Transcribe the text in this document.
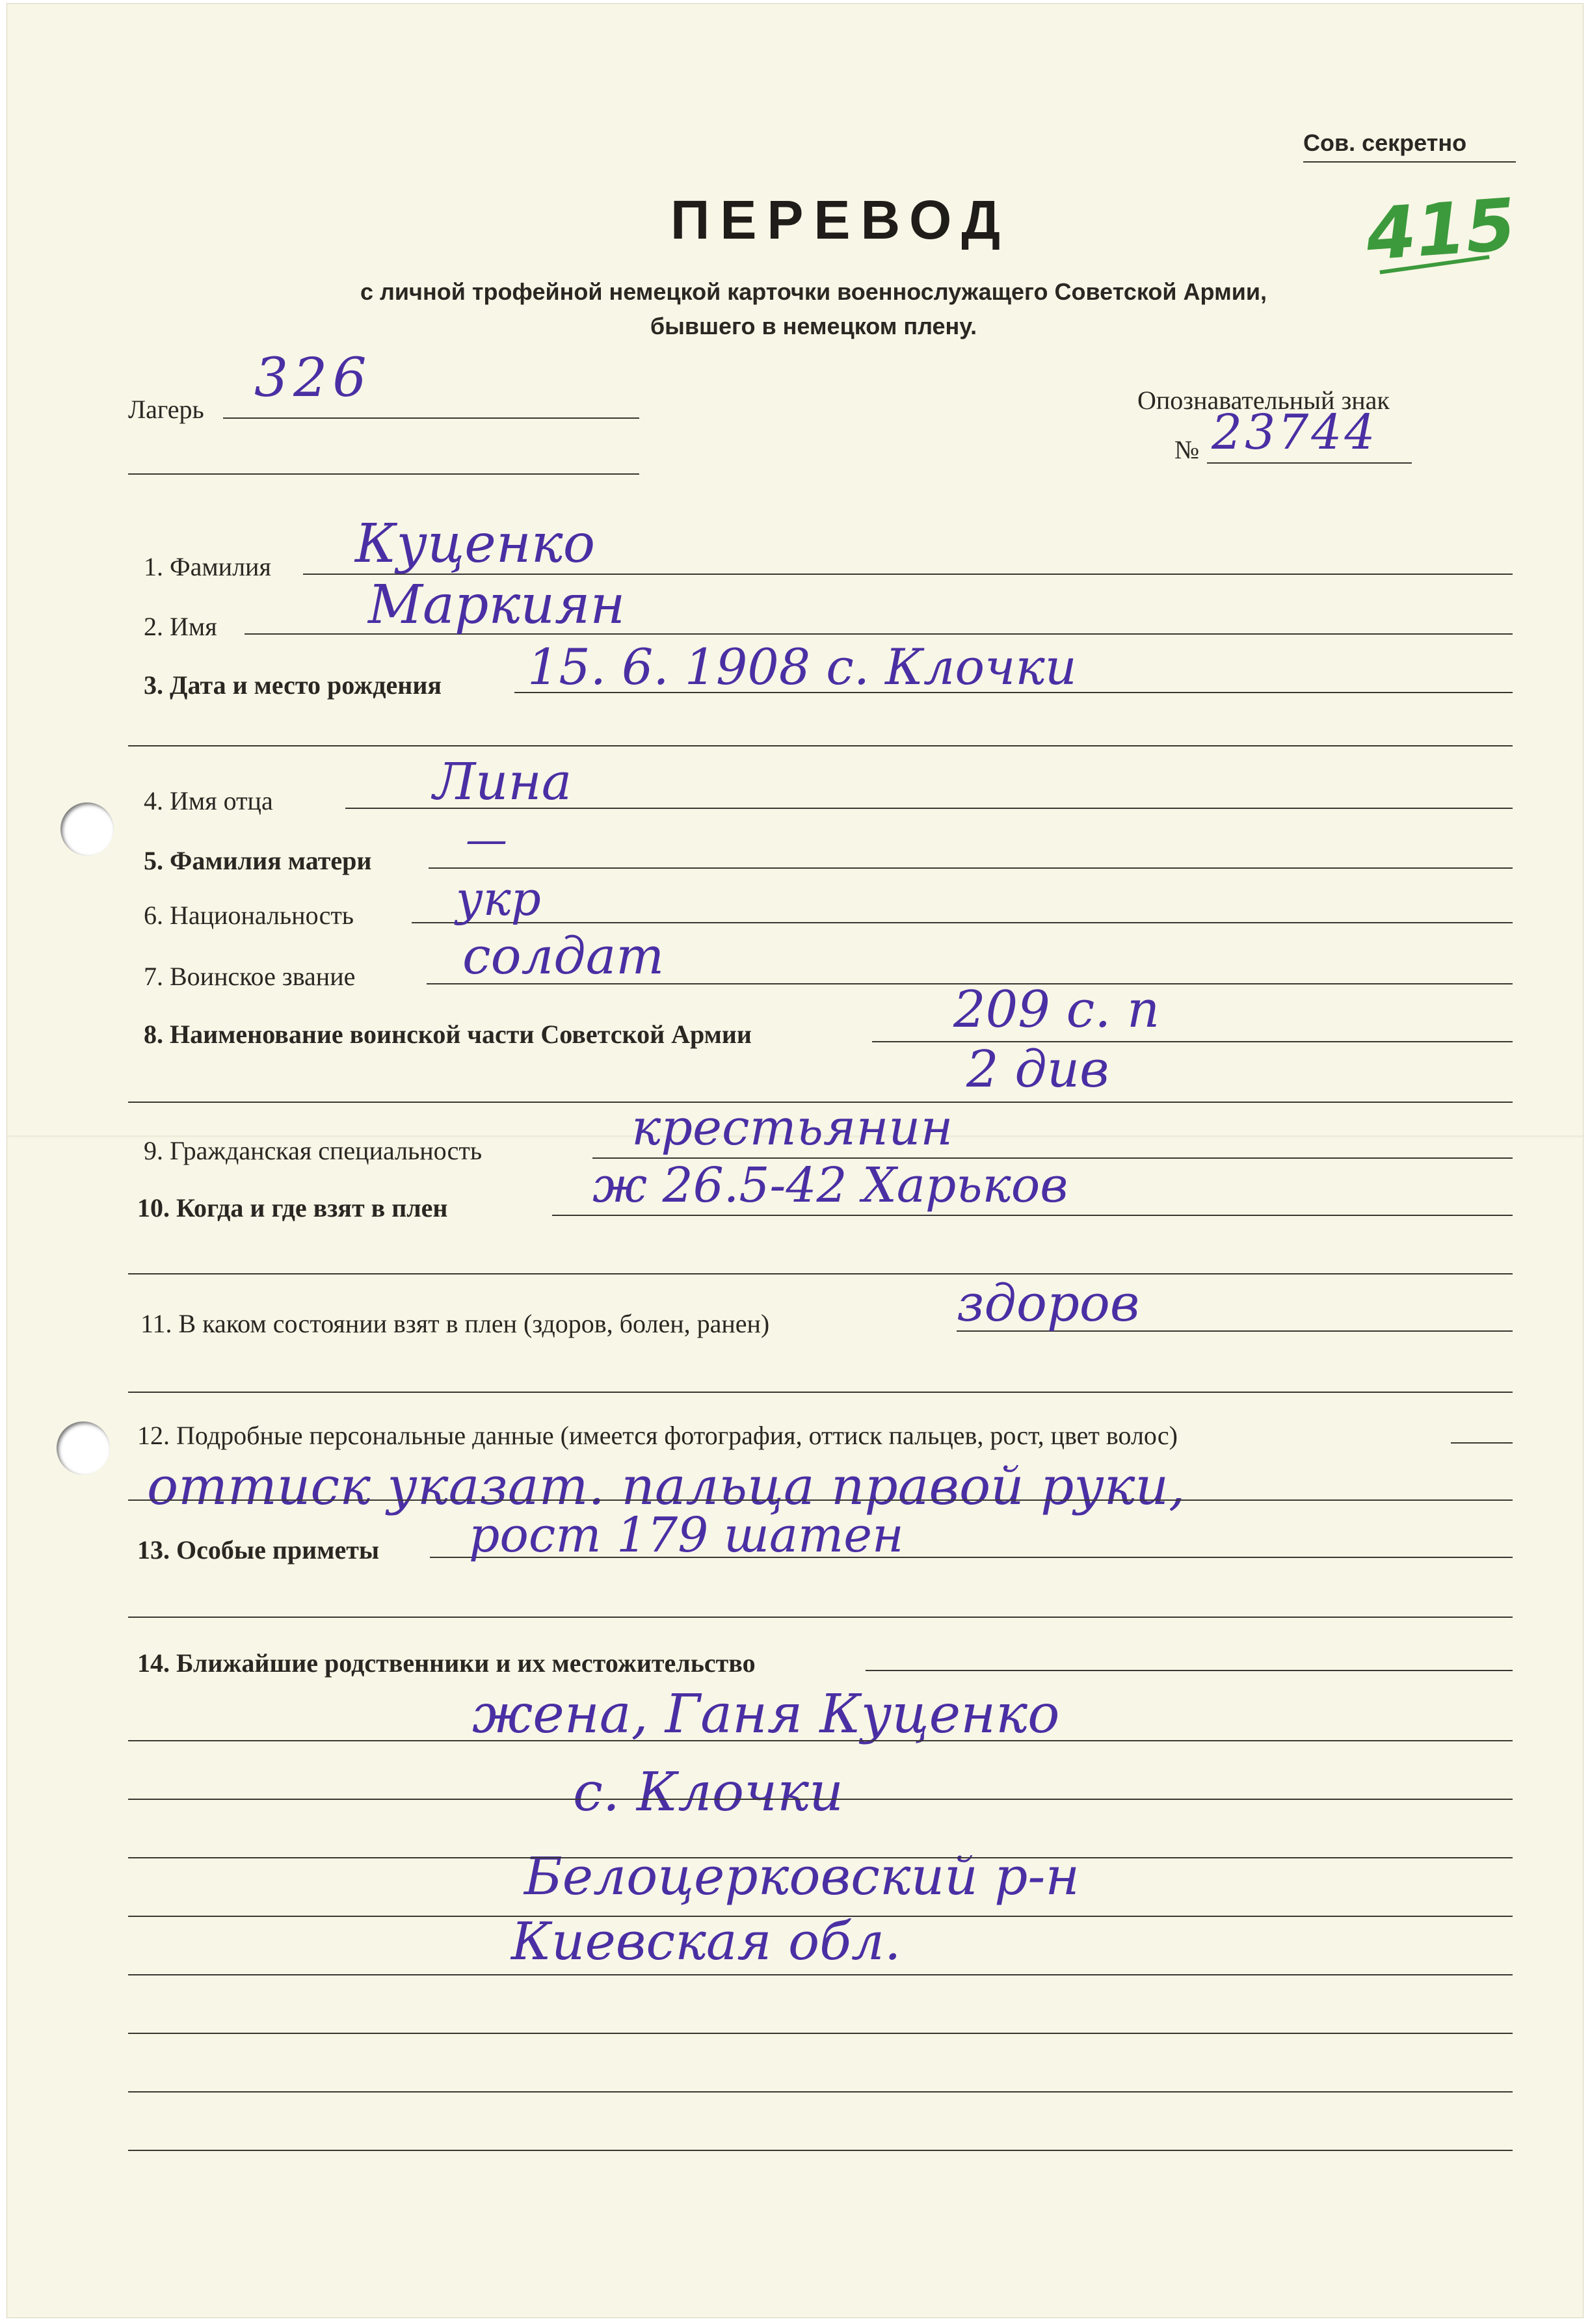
Сов. секретно
415
ПЕРЕВОД
с личной трофейной немецкой карточки военнослужащего Советской Армии,
бывшего в немецком плену.
Лагерь
326	Опознавательный знак
№ 23744
1. Фамилия Куценко
2. Имя	Маркиян
3. Дата и место рождения 15. 6. 1908 с. Клочки
4. Имя отца	Лина
5. Фамилия матери —
6. Национальность укр
7. Воинское звание солдат
8. Наименование воинской части Советской Армии	209 с. п
2 див
9. Гражданская специальность	крестьянин
10. Когда и где взят в плен	ж 26.5-42 Харьков
11. В каком состоянии взят в плен (здоров, болен, ранен)	здоров
12. Подробные персональные данные (имеется фотография, оттиск пальцев, рост, цвет волос)
оттиск указат. пальца правой руки,
13. Особые приметы рост 179 шатен
14. Ближайшие родственники и их местожительство
жена, Ганя Куценко
с. Клочки
Белоцерковский р-н
Киевская обл.
